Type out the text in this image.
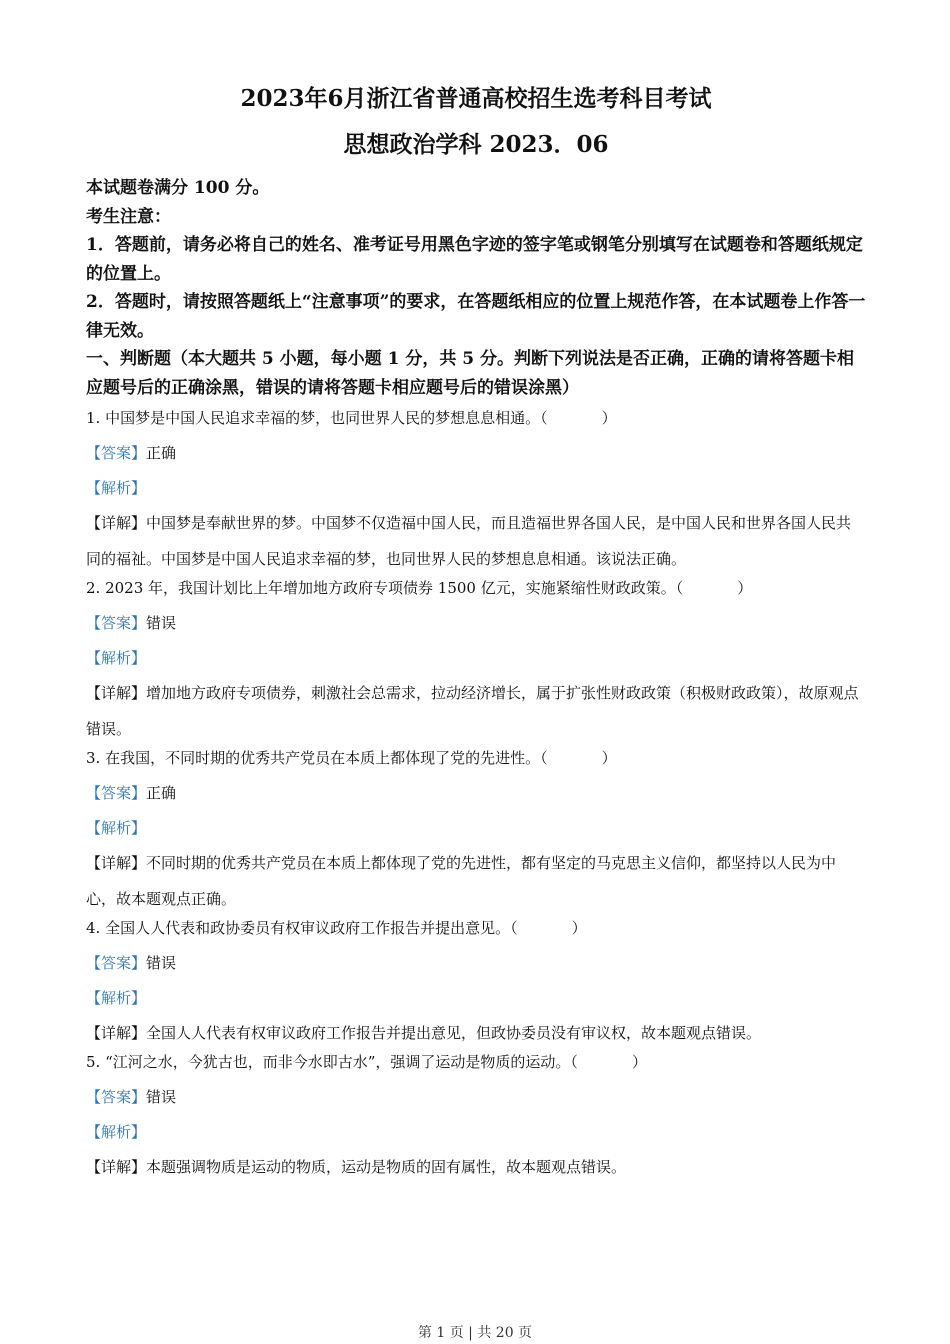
2023年6月浙江省普通高校招生选考科目考试
思想政治学科 2023．06
本试题卷满分 100 分。
考生注意：
1．答题前，请务必将自己的姓名、准考证号用黑色字迹的签字笔或钢笔分别填写在试题卷和答题纸规定的位置上。
2．答题时，请按照答题纸上“注意事项”的要求，在答题纸相应的位置上规范作答，在本试题卷上作答一律无效。
一、判断题（本大题共 5 小题，每小题 1 分，共 5 分。判断下列说法是否正确，正确的请将答题卡相应题号后的正确涂黑，错误的请将答题卡相应题号后的错误涂黑）
1. 中国梦是中国人民追求幸福的梦，也同世界人民的梦想息息相通。（	）
【答案】正确
【解析】
【详解】中国梦是奉献世界的梦。中国梦不仅造福中国人民，而且造福世界各国人民，是中国人民和世界各国人民共同的福祉。中国梦是中国人民追求幸福的梦，也同世界人民的梦想息息相通。该说法正确。
2. 2023 年，我国计划比上年增加地方政府专项债券 1500 亿元，实施紧缩性财政政策。（	）
【答案】错误
【解析】
【详解】增加地方政府专项债券，刺激社会总需求，拉动经济增长，属于扩张性财政政策（积极财政政策），故原观点错误。
3. 在我国，不同时期的优秀共产党员在本质上都体现了党的先进性。（	）
【答案】正确
【解析】
【详解】不同时期的优秀共产党员在本质上都体现了党的先进性，都有坚定的马克思主义信仰，都坚持以人民为中心，故本题观点正确。
4. 全国人人代表和政协委员有权审议政府工作报告并提出意见。（	）
【答案】错误
【解析】
【详解】全国人人代表有权审议政府工作报告并提出意见，但政协委员没有审议权，故本题观点错误。
5. “江河之水，今犹古也，而非今水即古水”，强调了运动是物质的运动。（	）
【答案】错误
【解析】
【详解】本题强调物质是运动的物质，运动是物质的固有属性，故本题观点错误。
第 1 页 | 共 20 页
